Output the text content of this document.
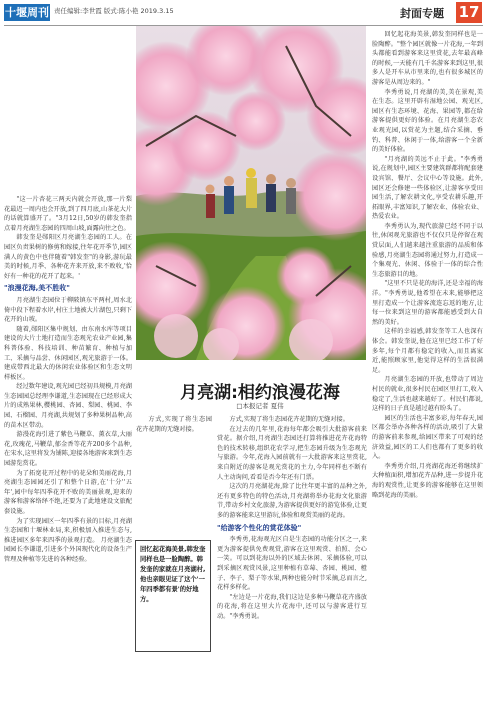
十堰周刊 责任编辑:李世霞 版式:陈小艳 2019.3.15	封面专题 17

"这一片杏花三两天内就会开放,那一片梨花最迟一周内也会开放,到了四月底,山茶花大片的话就算盛开了。"3月12日,50岁的韩发奎指点着月亮湖生态园的四周山坡,面露向往之色。

韩发奎是郧阳区月亮湖生态园的工人。在园区负责果树的修剪和嫁接,往年花开季节,园区满人的黄色中也伴随着"韩发奎"的身影,游玩最美的时候,月季、各种花卉来开放,来不败收,'恰好有一种花的花开了起来。'

"浪漫花海,美不胜收"

月亮湖生态园位于柳陂镇东平两村,周水北倚中段下程着水岸,村庄土地被大片湖包,只剩下花开的山坡。

随着,郧阳区集中规划、由东南水库等项目建设的大片土地打造而生态观光农业产业园,集科普体验、科技培训、种苗繁育、种植与加工、采摘与品尝、休闲园区,观光旅游于一体。建成带西北最大的休闲农业体验区和生态文明样板区。

经过数年建设,观光园已经初具规模,月亮湖生态园园总经理李谦道,生态园现在已经形成大片的成熟果林,樱桃园、杏园、梨园、桃园、李园、石榴园、月亮湖,共规划了多种果树品种,高的苗木区带动。

游漫花海引进了紫色马鞭草、薰衣草,大丽花,玫瑰花,马鞭草,郁金香等花卉200多个品种,在宋水,这里将发为铺陈,迎接各地游客来到生态园游览赏花。

为了拓宽花开过程中的花朵和美丽花海,月亮湖生态园园还引了和整个日游,在'十分''五年',园中每年四季花开不败的美丽景观,迎来的游客和游客络绎不绝,还要为了此地建设文旅配套设施。

为了实现园区一年四季有景的目标,月亮湖生态园和十堰林业局,来,积极加入推进生态与,推进园区多年来四季的景观打造。 月亮湖生态园园长李谦道,引进多个外国现代化的设备生产管理及种植等先进的各种经验。

月亮湖:相约浪漫花海
□本报记者 夏伟

方式,实现了将生态园花卉花期的无缝对接。

在过去的几年里,花海每年都会吸引大批游客前来赏花。据介绍,月亮湖生态园还打算将推进花卉花海特色的技术转移,组织花农学习,把生态园升级为生态观光与旅游。今年,花海入园前就有一大批游客来这里赏花,来自附近的游客是观光赏花的主力,今年同样也不断有人主动询问,看看是否今年还有门票。

这次的月亮湖花海,除了比往年更丰富的品种之外,还有更多特色的特色活动,月亮湖将举办花海文化旅游节,带动乡村文化旅游,为游客提供更好的游览体验,让更多的游客能来这里游玩,体验和观赏美丽的花海。

"给游客个性化的赏花体验"

李秀勇,花海观光区自是生态园的功能分区之一,来更为游客提供免费观赏,游客在这里观赏、拍照、会心一笑。可以到花海以外的区域去休闲、采摘体验,可以到采摘区观赏风景,这里种植有草莓、杏园、桃园、橙子、李子、梨子等水果,两种也能分时节采摘,总而言之,花样多样化。

"左边是一片花海,我们这边是多种马鞭草花卉盛放的花海,将在这里大片花海中,还可以与游客进行互动。"李秀勇说。

方式,实现了将生态园花卉花期的无缝对接。

回忆起花海美景,韩发奎同样也是一脸陶醉。韩发奎的家就在月亮湖村,他也亲眼见证了这个'一年四季都有景'的好地方。

回忆起花海美景,韩发奎同样也是一脸陶醉。"整个园区就像一片花海,一年到头都能看到游客来这里赏花,去年最高峰的时候,一天能有几千名游客来到这里,很多人是开车从市里来的,也有很多城区的游客是从周边来的。"

李秀勇说,月亮湖的美,美在景观,美在生态。这里开辟有湿地公园、观光区,园区有生态环境、花海、果园等,都在给游客提供更好的体验。在月亮湖生态农业观光园,以赏花为主题,结合采摘、垂钓、科普、休闲于一体,给游客一个全新的美好体验。

"月亮湖的美远不止于此。"李秀勇说,在规划中,园区主要建筑群都将配套建设宾馆、餐厅、会议中心等设施。此外,园区还会修建一些体验区,让游客享受田园生活,了解农耕文化,享受农耕乐趣,开拓眼界,丰富知识,了解农业、体验农业、热爱农业。

李秀勇认为,现代旅游已经不同于以往,休闲观光旅游也不仅仅只是停留在观赏层面,人们越来越注重旅游的品质和体验感,月亮湖生态园将通过努力,打造成一个集观光、休闲、体验于一体的综合性生态旅游目的地。

"这里不只是花的海洋,还是幸福的海洋。"李秀勇说,他希望在未来,能够把这里打造成一个让游客流连忘返的地方,让每一位来到这里的游客都能感受到大自然的美好。

这样的幸福感,韩发奎等工人也深有体会。韩发奎说,他在这里已经工作了好多年,每个月都有稳定的收入,而且离家近,能照顾家里,他觉得这样的生活很满足。

月亮湖生态园的开放,也带动了周边村民的就业,很多村民在园区里打工,收入稳定了,生活也越来越好了。村民们都说,这样的日子真是越过越有盼头了。

园区的生活也丰富多彩,每年春天,园区都会举办各种各样的活动,吸引了大量的游客前来参观,给园区带来了可观的经济效益,园区的工人们也都有了更多的收入。

李秀勇介绍,月亮湖花海还将继续扩大种植面积,增加花卉品种,进一步提升花海的观赏性,让更多的游客能够在这里领略到花海的美丽。
